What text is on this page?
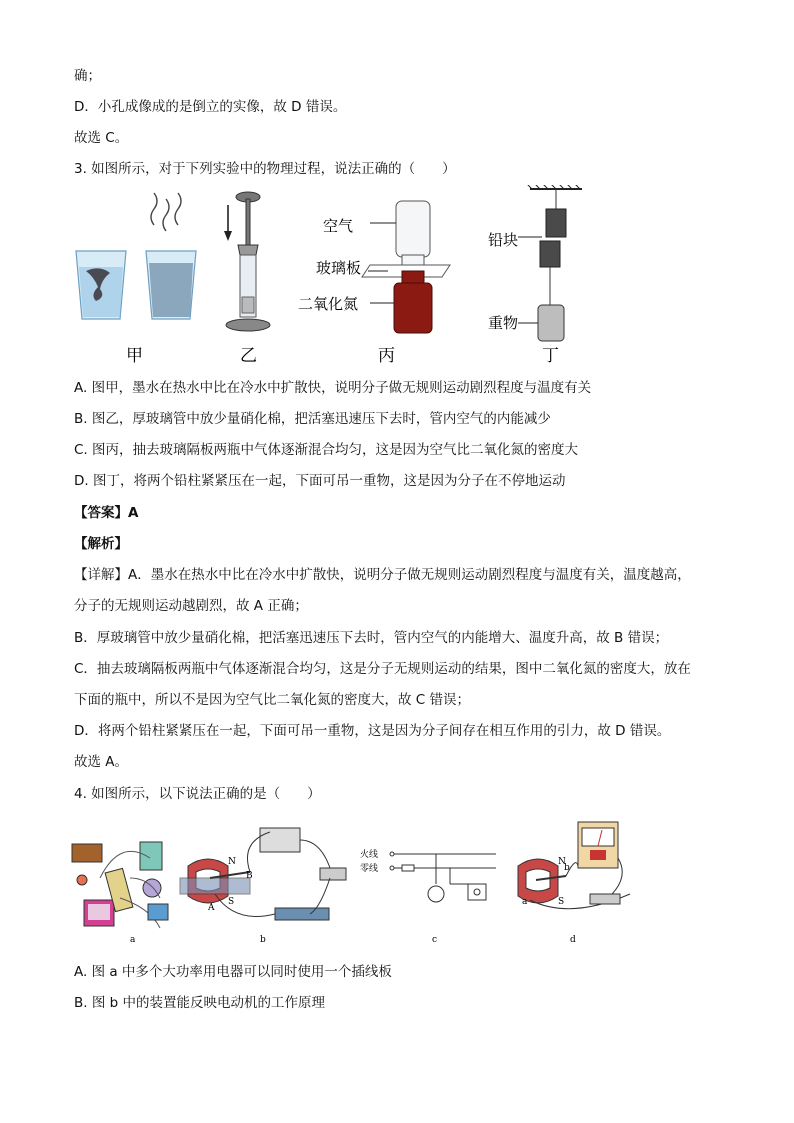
确；
D．小孔成像成的是倒立的实像，故 D 错误。
故选 C。
3. 如图所示，对于下列实验中的物理过程，说法正确的（　　）
空气
玻璃板
二氧化氮
铅块
重物
甲	乙	丙	丁
A. 图甲，墨水在热水中比在冷水中扩散快，说明分子做无规则运动剧烈程度与温度有关
B. 图乙，厚玻璃管中放少量硝化棉，把活塞迅速压下去时，管内空气的内能减少
C. 图丙，抽去玻璃隔板两瓶中气体逐渐混合均匀，这是因为空气比二氧化氮的密度大
D. 图丁，将两个铅柱紧紧压在一起，下面可吊一重物，这是因为分子在不停地运动
【答案】A
【解析】
【详解】A．墨水在热水中比在冷水中扩散快，说明分子做无规则运动剧烈程度与温度有关，温度越高，
分子的无规则运动越剧烈，故 A 正确；
B．厚玻璃管中放少量硝化棉，把活塞迅速压下去时，管内空气的内能增大、温度升高，故 B 错误；
C．抽去玻璃隔板两瓶中气体逐渐混合均匀，这是分子无规则运动的结果，图中二氧化氮的密度大，放在
下面的瓶中，所以不是因为空气比二氧化氮的密度大，故 C 错误；
D．将两个铅柱紧紧压在一起，下面可吊一重物，这是因为分子间存在相互作用的引力，故 D 错误。
故选 A。
4. 如图所示，以下说法正确的是（　　）
a	b	c	d
N
S
A
B
火线
零线
N
S
b
a
A. 图 a 中多个大功率用电器可以同时使用一个插线板
B. 图 b 中的装置能反映电动机的工作原理
